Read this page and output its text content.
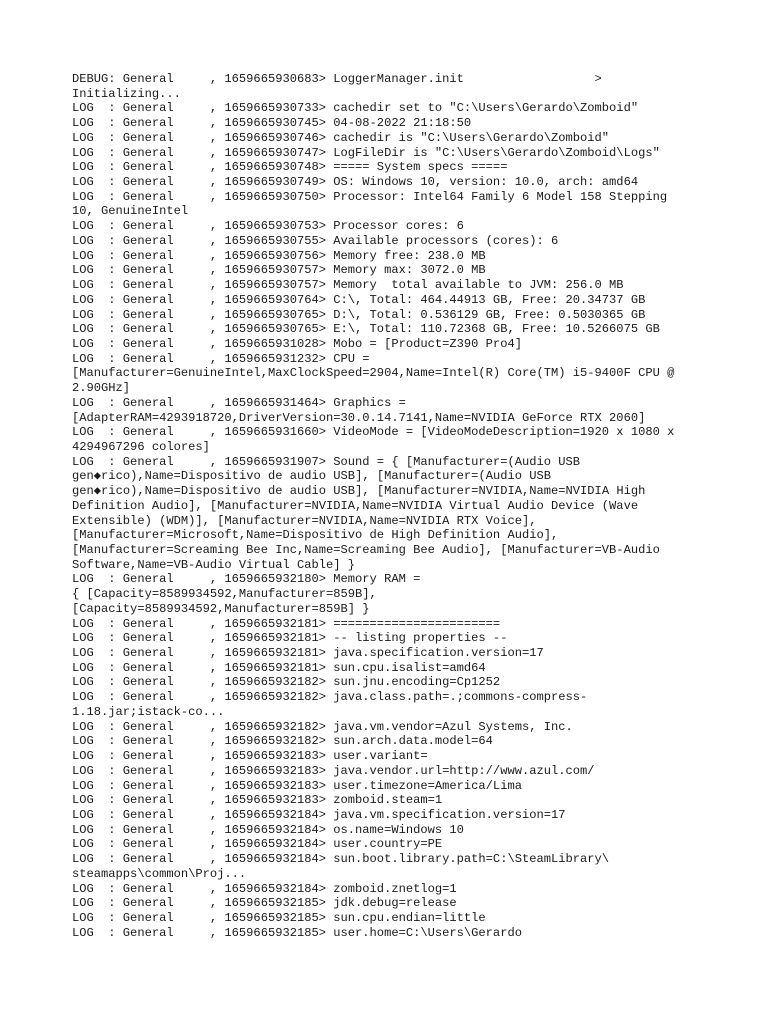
DEBUG: General     , 1659665930683> LoggerManager.init                  >
Initializing...
LOG  : General     , 1659665930733> cachedir set to "C:\Users\Gerardo\Zomboid"
LOG  : General     , 1659665930745> 04-08-2022 21:18:50
LOG  : General     , 1659665930746> cachedir is "C:\Users\Gerardo\Zomboid"
LOG  : General     , 1659665930747> LogFileDir is "C:\Users\Gerardo\Zomboid\Logs"
LOG  : General     , 1659665930748> ===== System specs =====
LOG  : General     , 1659665930749> OS: Windows 10, version: 10.0, arch: amd64
LOG  : General     , 1659665930750> Processor: Intel64 Family 6 Model 158 Stepping
10, GenuineIntel
LOG  : General     , 1659665930753> Processor cores: 6
LOG  : General     , 1659665930755> Available processors (cores): 6
LOG  : General     , 1659665930756> Memory free: 238.0 MB
LOG  : General     , 1659665930757> Memory max: 3072.0 MB
LOG  : General     , 1659665930757> Memory  total available to JVM: 256.0 MB
LOG  : General     , 1659665930764> C:\, Total: 464.44913 GB, Free: 20.34737 GB
LOG  : General     , 1659665930765> D:\, Total: 0.536129 GB, Free: 0.5030365 GB
LOG  : General     , 1659665930765> E:\, Total: 110.72368 GB, Free: 10.5266075 GB
LOG  : General     , 1659665931028> Mobo = [Product=Z390 Pro4]
LOG  : General     , 1659665931232> CPU =
[Manufacturer=GenuineIntel,MaxClockSpeed=2904,Name=Intel(R) Core(TM) i5-9400F CPU @
2.90GHz]
LOG  : General     , 1659665931464> Graphics =
[AdapterRAM=4293918720,DriverVersion=30.0.14.7141,Name=NVIDIA GeForce RTX 2060]
LOG  : General     , 1659665931660> VideoMode = [VideoModeDescription=1920 x 1080 x
4294967296 colores]
LOG  : General     , 1659665931907> Sound = { [Manufacturer=(Audio USB
gen◆rico),Name=Dispositivo de audio USB], [Manufacturer=(Audio USB
gen◆rico),Name=Dispositivo de audio USB], [Manufacturer=NVIDIA,Name=NVIDIA High
Definition Audio], [Manufacturer=NVIDIA,Name=NVIDIA Virtual Audio Device (Wave
Extensible) (WDM)], [Manufacturer=NVIDIA,Name=NVIDIA RTX Voice],
[Manufacturer=Microsoft,Name=Dispositivo de High Definition Audio],
[Manufacturer=Screaming Bee Inc,Name=Screaming Bee Audio], [Manufacturer=VB-Audio
Software,Name=VB-Audio Virtual Cable] }
LOG  : General     , 1659665932180> Memory RAM =
{ [Capacity=8589934592,Manufacturer=859B],
[Capacity=8589934592,Manufacturer=859B] }
LOG  : General     , 1659665932181> =======================
LOG  : General     , 1659665932181> -- listing properties --
LOG  : General     , 1659665932181> java.specification.version=17
LOG  : General     , 1659665932181> sun.cpu.isalist=amd64
LOG  : General     , 1659665932182> sun.jnu.encoding=Cp1252
LOG  : General     , 1659665932182> java.class.path=.;commons-compress-
1.18.jar;istack-co...
LOG  : General     , 1659665932182> java.vm.vendor=Azul Systems, Inc.
LOG  : General     , 1659665932182> sun.arch.data.model=64
LOG  : General     , 1659665932183> user.variant=
LOG  : General     , 1659665932183> java.vendor.url=http://www.azul.com/
LOG  : General     , 1659665932183> user.timezone=America/Lima
LOG  : General     , 1659665932183> zomboid.steam=1
LOG  : General     , 1659665932184> java.vm.specification.version=17
LOG  : General     , 1659665932184> os.name=Windows 10
LOG  : General     , 1659665932184> user.country=PE
LOG  : General     , 1659665932184> sun.boot.library.path=C:\SteamLibrary\
steamapps\common\Proj...
LOG  : General     , 1659665932184> zomboid.znetlog=1
LOG  : General     , 1659665932185> jdk.debug=release
LOG  : General     , 1659665932185> sun.cpu.endian=little
LOG  : General     , 1659665932185> user.home=C:\Users\Gerardo
